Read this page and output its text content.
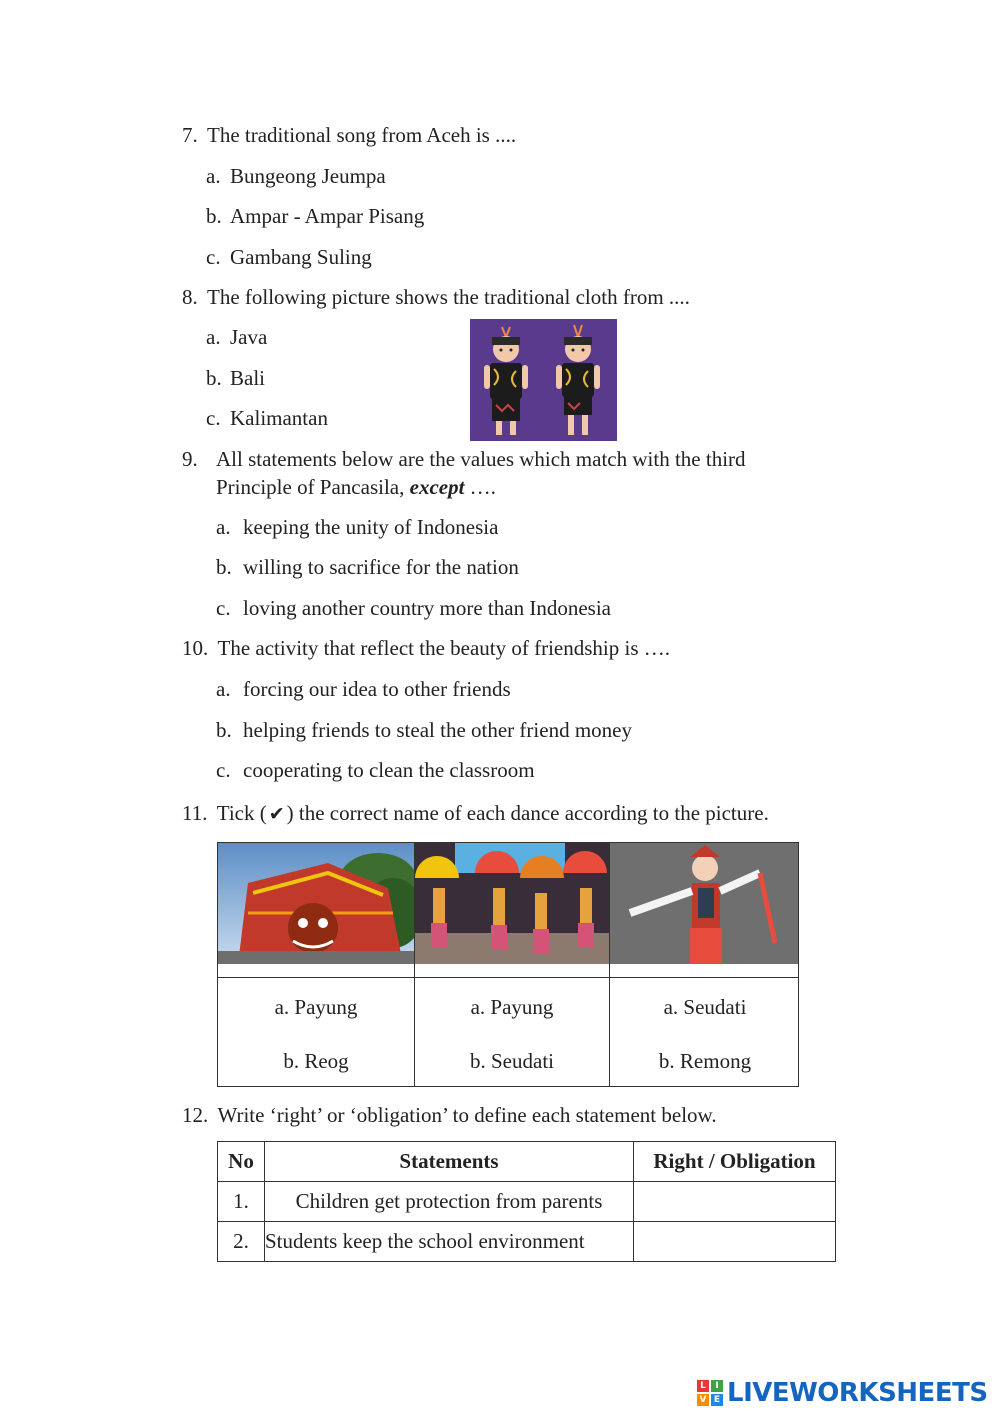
7. The traditional song from Aceh is ....
a. Bungeong Jeumpa
b. Ampar - Ampar Pisang
c. Gambang Suling
8. The following picture shows the traditional cloth from ....
a. Java
b. Bali
c. Kalimantan
9. All statements below are the values which match with the third
Principle of Pancasila, except ….
a. keeping the unity of Indonesia
b. willing to sacrifice for the nation
c. loving another country more than Indonesia
10. The activity that reflect the beauty of friendship is ….
a. forcing our idea to other friends
b. helping friends to steal the other friend money
c. cooperating to clean the classroom
11. Tick ( ✔) the correct name of each dance according to the picture.
a. Payung
b. Reog
a. Payung
b. Seudati
a. Seudati
b. Remong
12. Write ‘right’ or ‘obligation’ to define each statement below.
No	Statements	Right / Obligation
1.	Children get protection from parents	
2.	Students keep the school environment	
L	I
V E LIVEWORKSHEETS
